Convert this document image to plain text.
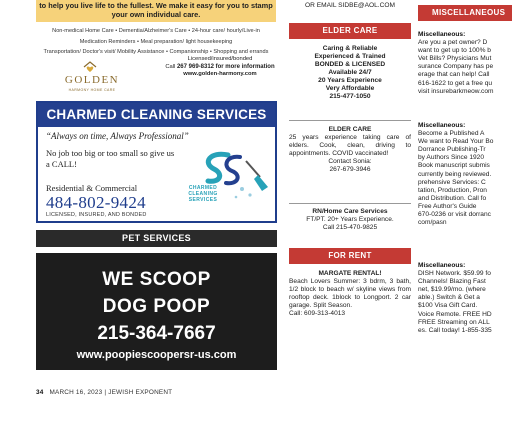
to help you live life to the fullest. We make it easy for you to stamp your own individual care.
Non-medical Home Care • Dementia/Alzheimer's Care • 24-hour care/ hourly/Live-in
Medication Reminders • Meal preparation/ light housekeeping
Transportation/ Doctor's visit/ Mobility Assistance • Companionship • Shopping and errands
GOLDEN
HARMONY HOME CARE
Licensed/insured/bonded
Call 267 969-8312 for more information
www.golden-harmony.com
CHARMED CLEANING SERVICES
“Always on time, Always Professional”
No job too big or too small so give us a CALL!
Residential & Commercial
484-802-9424
LICENSED, INSURED, AND BONDED
CHARMED
CLEANING
SERVICES
PET SERVICES
WE SCOOP
DOG POOP
215-364-7667
www.poopiescoopersr-us.com
34 MARCH 16, 2023 | JEWISH EXPONENT
OR EMAIL SIDBE@AOL.COM
ELDER CARE
Caring & Reliable
Experienced & Trained
BONDED & LICENSED
Available 24/7
20 Years Experience
Very Affordable
215-477-1050
ELDER CARE
25 years experience taking care of elders. Cook, clean, driving to appointments. COVID vaccinated!
Contact Sonia:
267-679-3946
RN/Home Care Services
FT/PT. 20+ Years Experience.
Call 215-470-9825
FOR RENT
MARGATE RENTAL!
Beach Lovers Summer: 3 bdrm, 3 bath, 1/2 block to beach w/ skyline views from rooftop deck. 1block to Longport. 2 car garage. Split Season.
Call: 609-313-4013
MISCELLANEOUS
Miscellaneous:
Are you a pet owner? D
want to get up to 100% b
Vet Bills? Physicians Mut
surance Company has pe
erage that can help! Call
616-1622 to get a free qu
visit insurebarkmeow.com
Miscellaneous:
Become a Published A
We want to Read Your Bo
Dorrance Publishing-Tr
by Authors Since 1920
Book manuscript submis
currently being reviewed.
prehensive Services: C
tation, Production, Pron
and Distribution. Call fo
Free Author's Guide
670-0236 or visit dorranc
com/pasn
Miscellaneous:
DISH Network. $59.99 fo
Channels! Blazing Fast
net, $19.99/mo. (where
able.) Switch & Get a
$100 Visa Gift Card.
Voice Remote. FREE HD
FREE Streaming on ALL
es. Call today! 1-855-335
